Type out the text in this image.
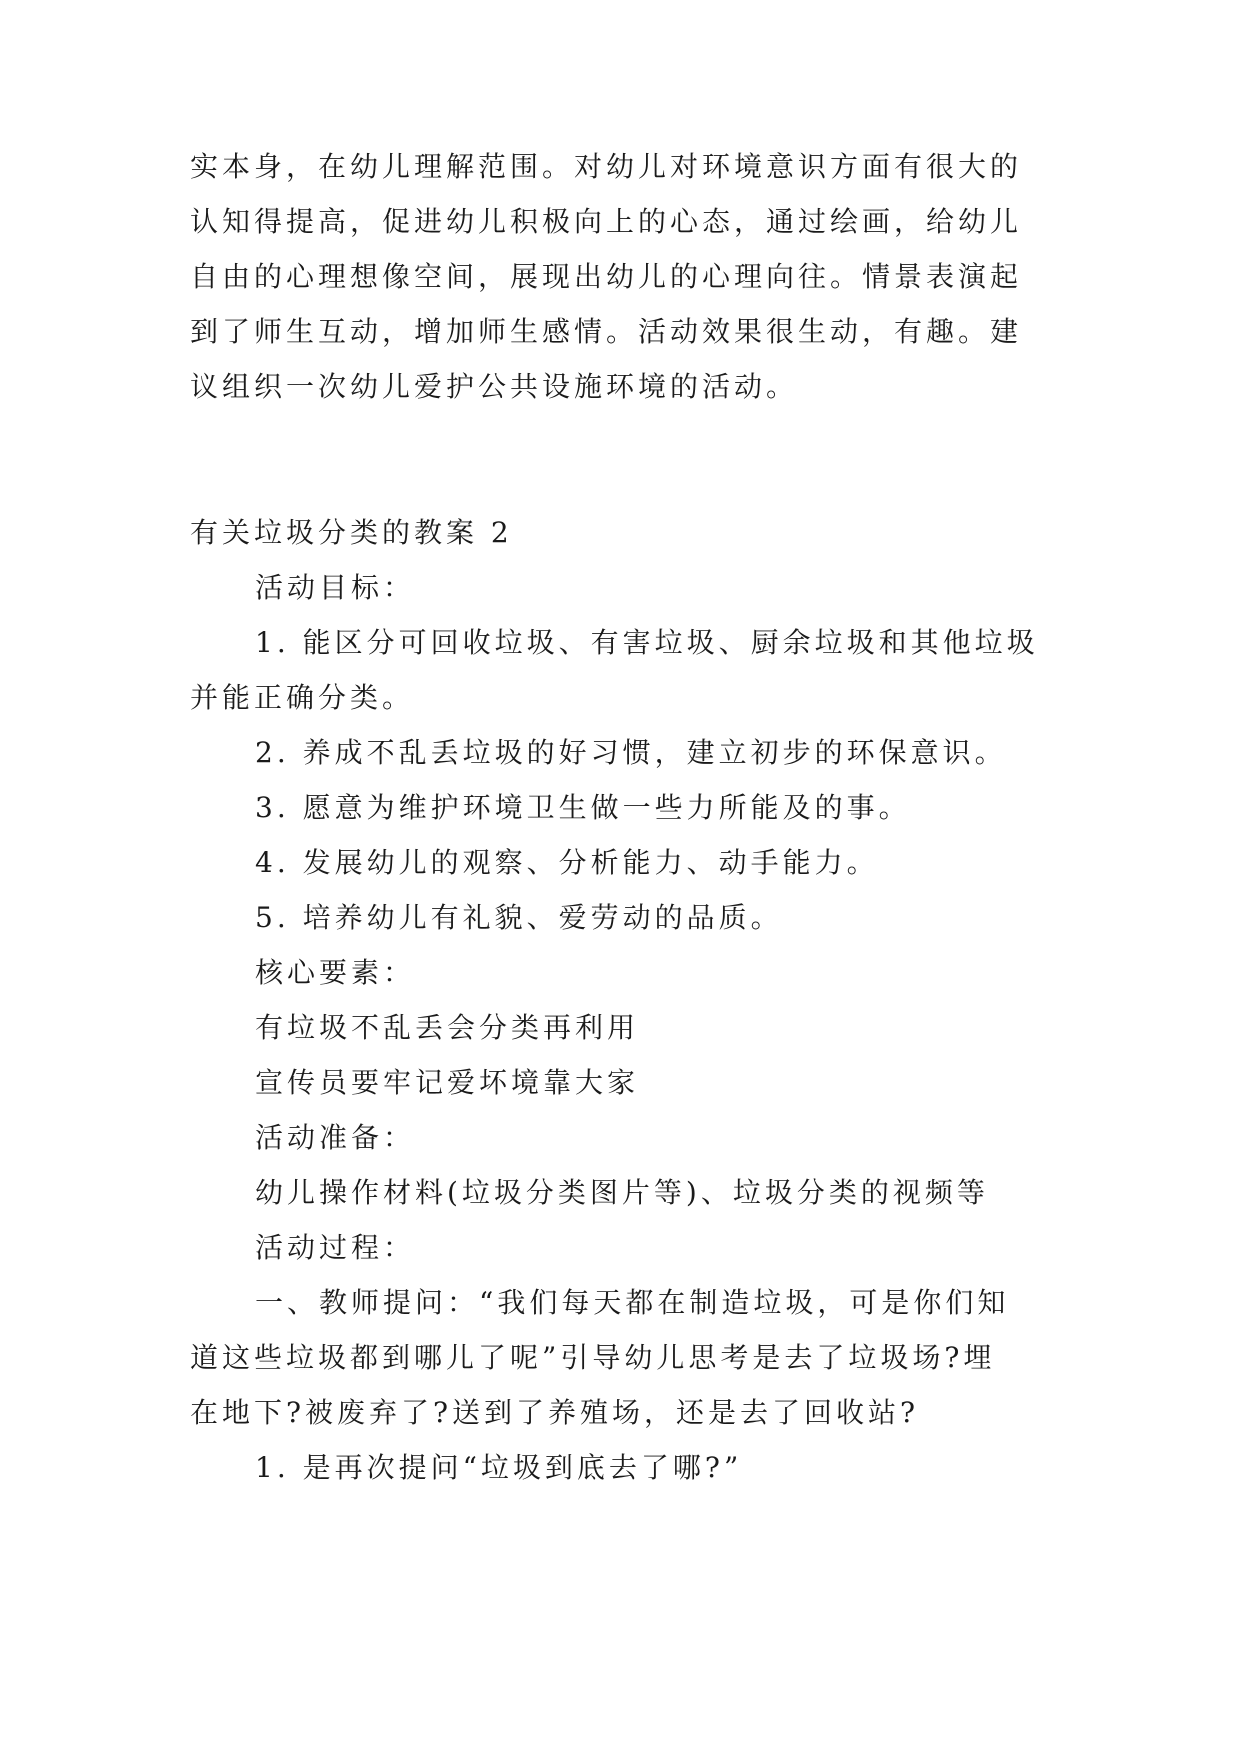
实本身，在幼儿理解范围。对幼儿对环境意识方面有很大的
认知得提高，促进幼儿积极向上的心态，通过绘画，给幼儿
自由的心理想像空间，展现出幼儿的心理向往。情景表演起
到了师生互动，增加师生感情。活动效果很生动，有趣。建
议组织一次幼儿爱护公共设施环境的活动。
有关垃圾分类的教案 2
活动目标：
1. 能区分可回收垃圾、有害垃圾、厨余垃圾和其他垃圾
并能正确分类。
2. 养成不乱丢垃圾的好习惯，建立初步的环保意识。
3. 愿意为维护环境卫生做一些力所能及的事。
4. 发展幼儿的观察、分析能力、动手能力。
5. 培养幼儿有礼貌、爱劳动的品质。
核心要素：
有垃圾不乱丢会分类再利用
宣传员要牢记爱坏境靠大家
活动准备：
幼儿操作材料(垃圾分类图片等)、垃圾分类的视频等
活动过程：
一、教师提问：“我们每天都在制造垃圾，可是你们知
道这些垃圾都到哪儿了呢”引导幼儿思考是去了垃圾场?埋
在地下?被废弃了?送到了养殖场，还是去了回收站?
1. 是再次提问“垃圾到底去了哪?”
